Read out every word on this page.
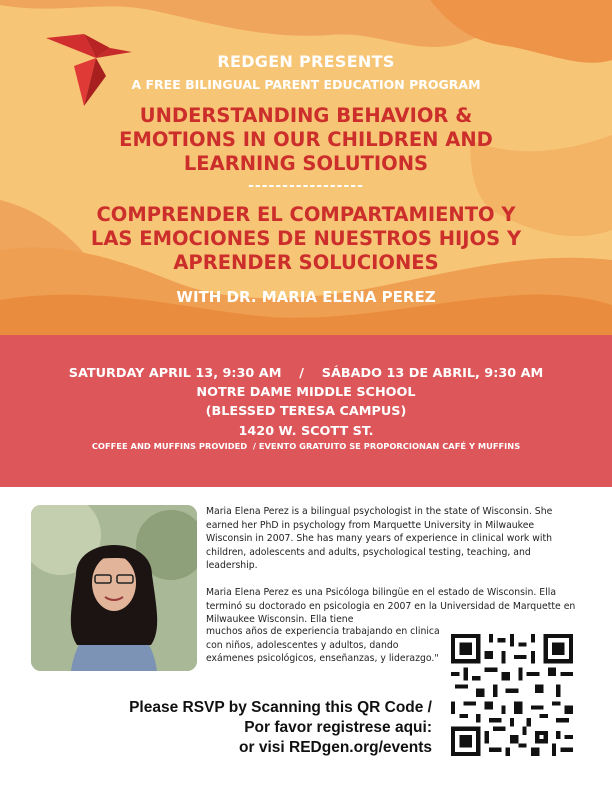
REDGEN PRESENTS
A FREE BILINGUAL PARENT EDUCATION PROGRAM
UNDERSTANDING BEHAVIOR &
EMOTIONS IN OUR CHILDREN AND
LEARNING SOLUTIONS
-----------------
COMPRENDER EL COMPARTAMIENTO Y
LAS EMOCIONES DE NUESTROS HIJOS Y
APRENDER SOLUCIONES
WITH DR. MARIA ELENA PEREZ
SATURDAY APRIL 13, 9:30 AM    /    SÁBADO 13 DE ABRIL, 9:30 AM
NOTRE DAME MIDDLE SCHOOL
(BLESSED TERESA CAMPUS)
1420 W. SCOTT ST.
COFFEE AND MUFFINS PROVIDED  / EVENTO GRATUITO SE PROPORCIONAN CAFÉ Y MUFFINS
Maria Elena Perez is a bilingual psychologist in the state of Wisconsin. She earned her PhD in psychology from Marquette University in Milwaukee Wisconsin in 2007. She has many years of experience in clinical work with children, adolescents and adults, psychological testing, teaching, and leadership.
Maria Elena Perez es una Psicóloga bilingüe en el estado de Wisconsin. Ella terminó su doctorado en psicologia en 2007 en la Universidad de Marquette en Milwaukee Wisconsin. Ella tiene
muchos años de experiencia trabajando en clinica con niños, adolescentes y adultos, dando exámenes psicológicos, enseñanzas, y liderazgo."
Please RSVP by Scanning this QR Code /
Por favor registrese aqui:
or visi REDgen.org/events
